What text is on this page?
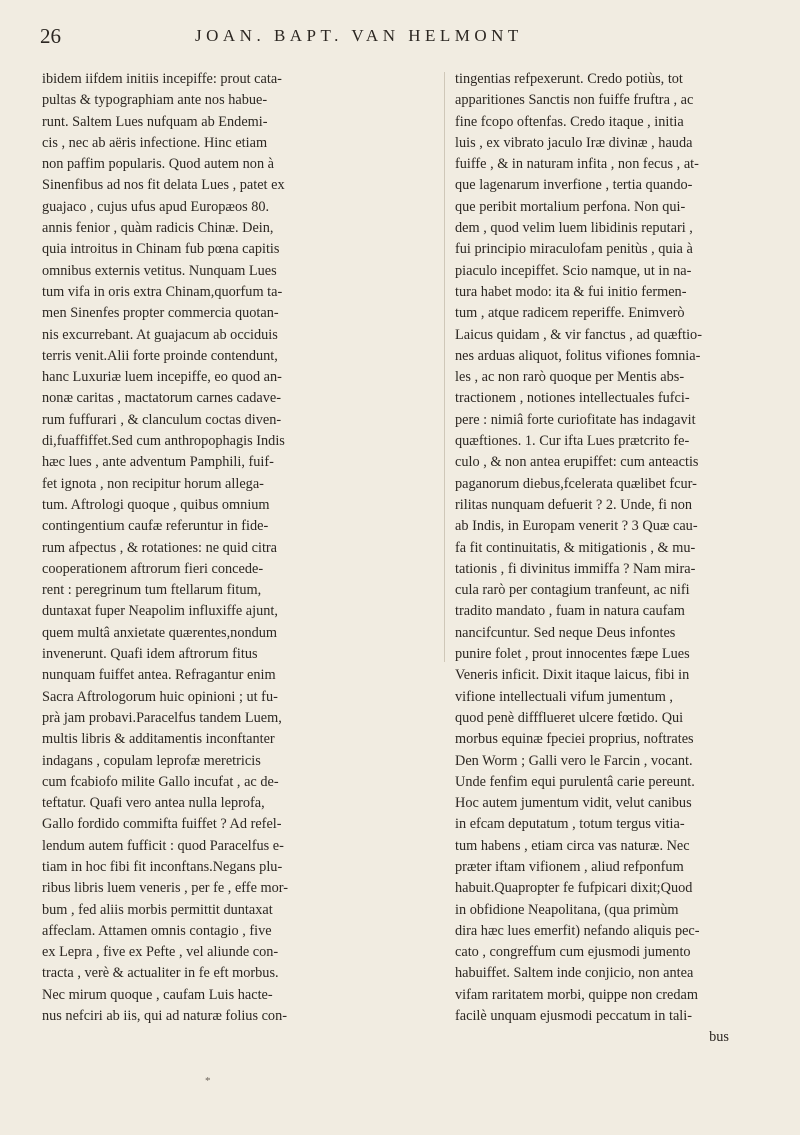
26	JOAN. BAPT. VAN HELMONT
ibidem iifdem initiis incepiffe: prout cata-
pultas & typographiam ante nos habue-
runt. Saltem Lues nufquam ab Endemi-
cis , nec ab aëris infectione. Hinc etiam
non paffim popularis. Quod autem non à
Sinenfibus ad nos fit delata Lues , patet ex
guajaco , cujus ufus apud Europæos 80.
annis fenior , quàm radicis Chinæ. Dein,
quia introitus in Chinam fub pœna capitis
omnibus externis vetitus. Nunquam Lues
tum vifa in oris extra Chinam,quorfum ta-
men Sinenfes propter commercia quotan-
nis excurrebant. At guajacum ab occiduis
terris venit.Alii forte proinde contendunt,
hanc Luxuriæ luem incepiffe, eo quod an-
nonæ caritas , mactatorum carnes cadave-
rum fuffurari , & clanculum coctas diven-
di,fuaffiffet.Sed cum anthropophagis Indis
hæc lues , ante adventum Pamphili, fuif-
fet ignota , non recipitur horum allega-
tum. Aftrologi quoque , quibus omnium
contingentium caufæ referuntur in fide-
rum afpectus , & rotationes: ne quid citra
cooperationem aftrorum fieri concede-
rent : peregrinum tum ftellarum fitum,
duntaxat fuper Neapolim influxiffe ajunt,
quem multâ anxietate quærentes,nondum
invenerunt. Quafi idem aftrorum fitus
nunquam fuiffet antea. Refragantur enim
Sacra Aftrologorum huic opinioni ; ut fu-
prà jam probavi.Paracelfus tandem Luem,
multis libris & additamentis inconftanter
indagans , copulam leprofæ meretricis
cum fcabiofo milite Gallo incufat , ac de-
teftatur. Quafi vero antea nulla leprofa,
Gallo fordido commifta fuiffet ? Ad refel-
lendum autem fufficit : quod Paracelfus e-
tiam in hoc fibi fit inconftans.Negans plu-
ribus libris luem veneris , per fe , effe mor-
bum , fed aliis morbis permittit duntaxat
affeclam. Attamen omnis contagio , five
ex Lepra , five ex Pefte , vel aliunde con-
tracta , verè & actualiter in fe eft morbus.
Nec mirum quoque , caufam Luis hacte-
nus nefciri ab iis, qui ad naturæ folius con-
tingentias refpexerunt. Credo potiùs, tot
apparitiones Sanctis non fuiffe fruftra , ac
fine fcopo oftenfas. Credo itaque , initia
luis , ex vibrato jaculo Iræ divinæ , hauda
fuiffe , & in naturam infita , non fecus , at-
que lagenarum inverfione , tertia quando-
que peribit mortalium perfona. Non qui-
dem , quod velim luem libidinis reputari ,
fui principio miraculofam penitùs , quia à
piaculo incepiffet. Scio namque, ut in na-
tura habet modo: ita & fui initio fermen-
tum , atque radicem reperiffe. Enimverò
Laicus quidam , & vir fanctus , ad quæftio-
nes arduas aliquot, folitus vifiones fomnia-
les , ac non rarò quoque per Mentis abs-
tractionem , notiones intellectuales fufci-
pere : nimiâ forte curiofitate has indagavit
quæftiones. 1. Cur ifta Lues prætcrito fe-
culo , & non antea erupiffet: cum anteactis
paganorum diebus,fcelerata quælibet fcur-
rilitas nunquam defuerit ? 2. Unde, fi non
ab Indis, in Europam venerit ? 3 Quæ cau-
fa fit continuitatis, & mitigationis , & mu-
tationis , fi divinitus immiffa ? Nam mira-
cula rarò per contagium tranfeunt, ac nifi
tradito mandato , fuam in natura caufam
nancifcuntur. Sed neque Deus infontes
punire folet , prout innocentes fæpe Lues
Veneris inficit. Dixit itaque laicus, fibi in
vifione intellectuali vifum jumentum ,
quod penè diffflueret ulcere fœtido. Qui
morbus equinæ fpeciei proprius, noftrates
Den Worm ; Galli vero le Farcin , vocant.
Unde fenfim equi purulentâ carie pereunt.
Hoc autem jumentum vidit, velut canibus
in efcam deputatum , totum tergus vitia-
tum habens , etiam circa vas naturæ. Nec
præter iftam vifionem , aliud refponfum
habuit.Quapropter fe fufpicari dixit;Quod
in obfidione Neapolitana, (qua primùm
dira hæc lues emerfit) nefando aliquis pec-
cato , congreffum cum ejusmodi jumento
habuiffet. Saltem inde conjicio, non antea
vifam raritatem morbi, quippe non credam
facilè unquam ejusmodi peccatum in tali-
bus
*
